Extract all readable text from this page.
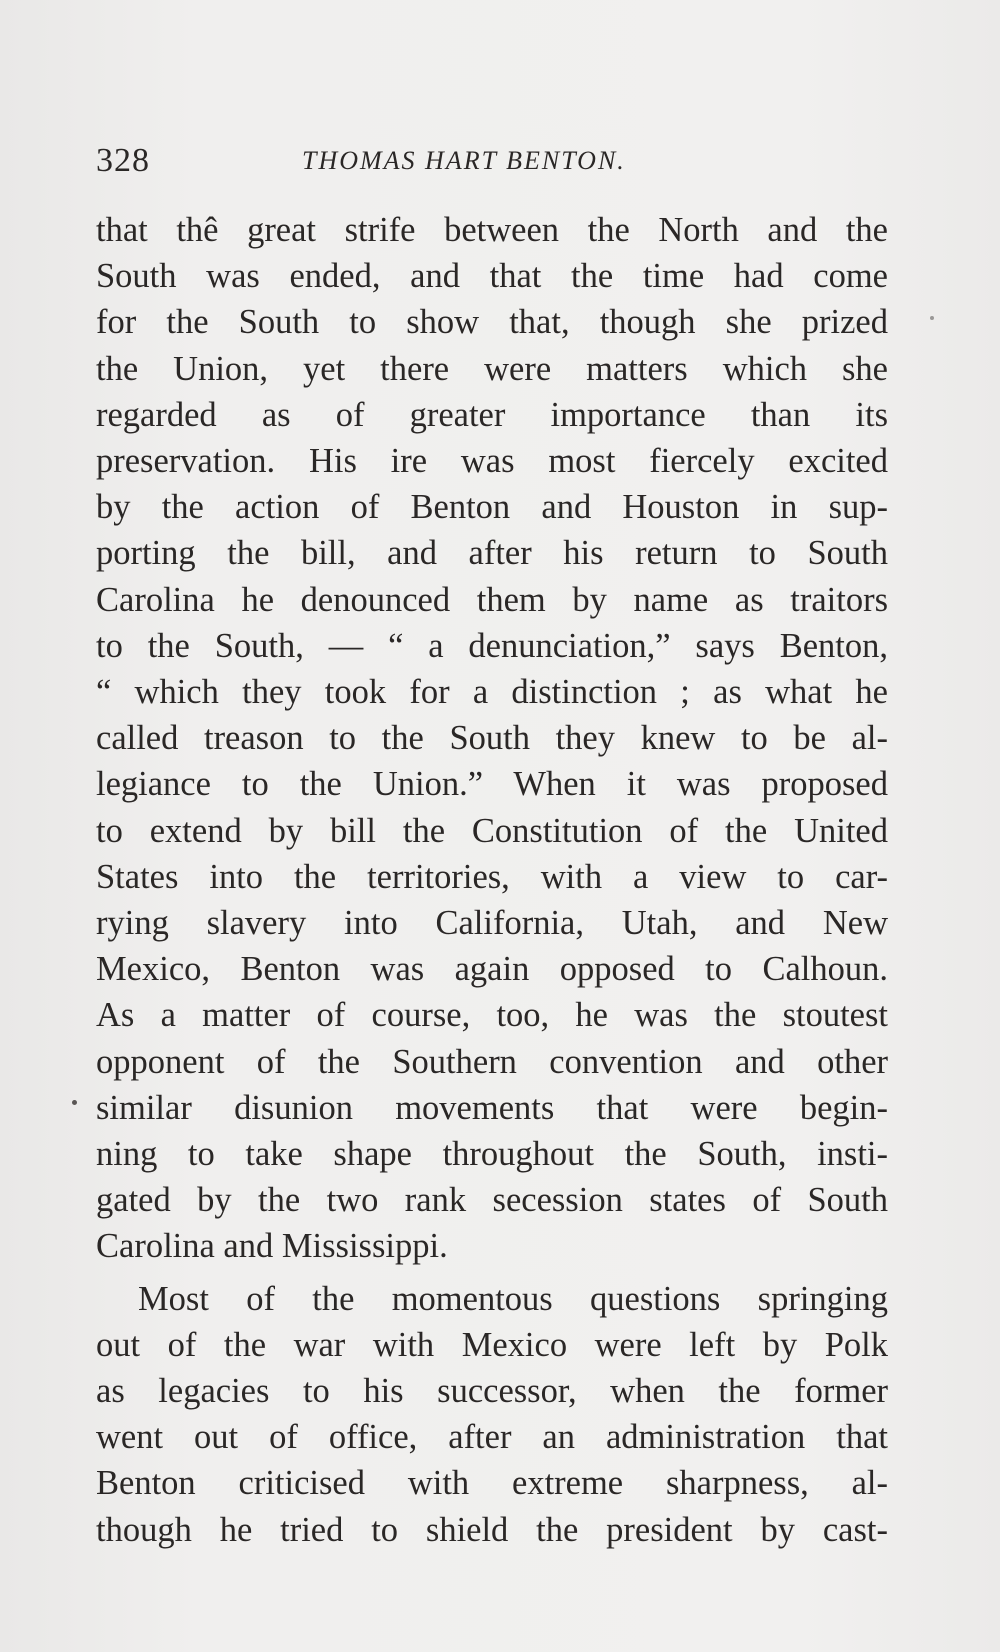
328	THOMAS HART BENTON.
that thê great strife between the North and the
South was ended, and that the time had come
for the South to show that, though she prized
the Union, yet there were matters which she
regarded as of greater importance than its
preservation. His ire was most fiercely excited
by the action of Benton and Houston in sup-
porting the bill, and after his return to South
Carolina he denounced them by name as traitors
to the South, — “ a denunciation,” says Benton,
“ which they took for a distinction ; as what he
called treason to the South they knew to be al-
legiance to the Union.” When it was proposed
to extend by bill the Constitution of the United
States into the territories, with a view to car-
rying slavery into California, Utah, and New
Mexico, Benton was again opposed to Calhoun.
As a matter of course, too, he was the stoutest
opponent of the Southern convention and other
similar disunion movements that were begin-
ning to take shape throughout the South, insti-
gated by the two rank secession states of South
Carolina and Mississippi.
Most of the momentous questions springing
out of the war with Mexico were left by Polk
as legacies to his successor, when the former
went out of office, after an administration that
Benton criticised with extreme sharpness, al-
though he tried to shield the president by cast-
